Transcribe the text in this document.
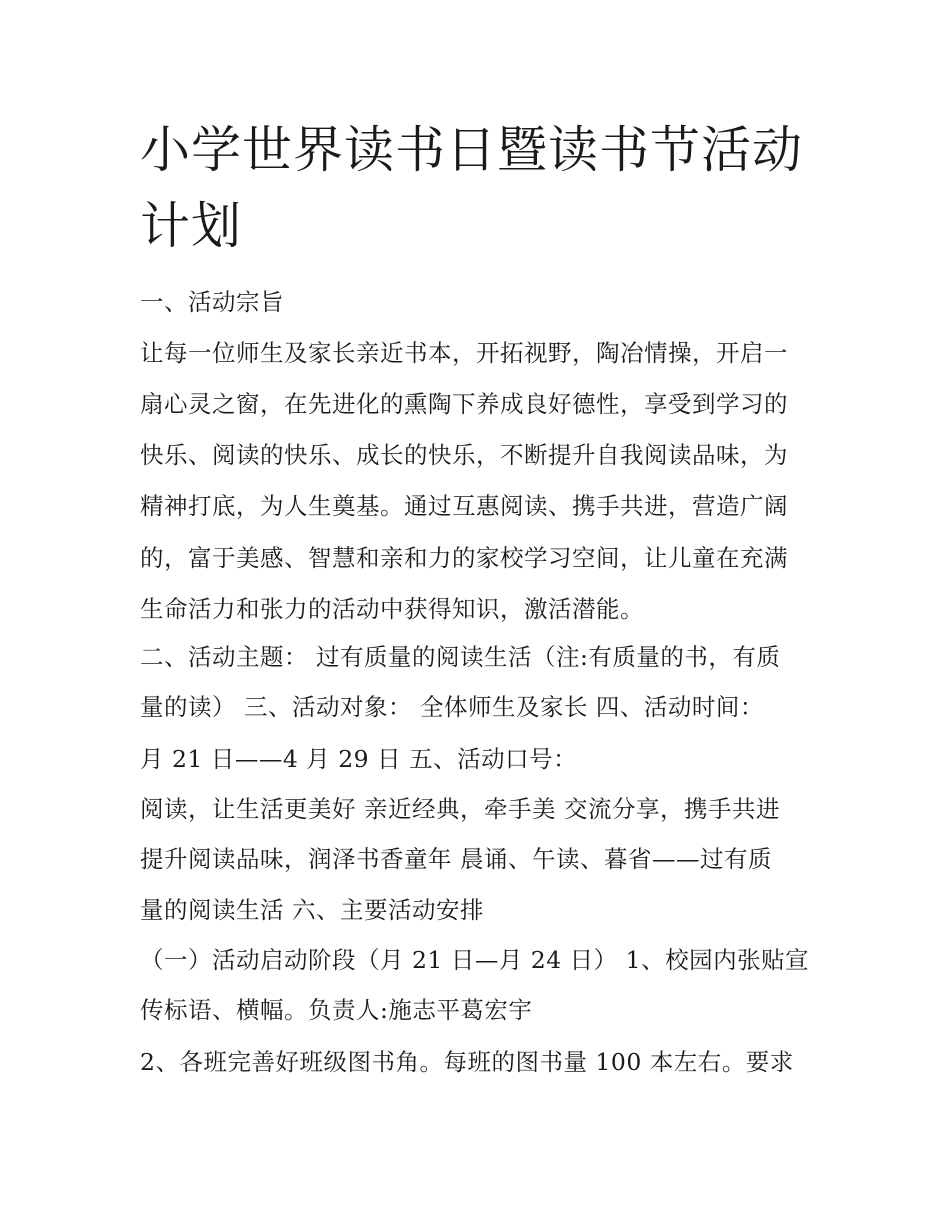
小学世界读书日暨读书节活动
计划
一、活动宗旨
让每一位师生及家长亲近书本，开拓视野，陶冶情操，开启一
扇心灵之窗，在先进化的熏陶下养成良好德性，享受到学习的
快乐、阅读的快乐、成长的快乐，不断提升自我阅读品味，为
精神打底，为人生奠基。通过互惠阅读、携手共进，营造广阔
的，富于美感、智慧和亲和力的家校学习空间，让儿童在充满
生命活力和张力的活动中获得知识，激活潜能。
二、活动主题： 过有质量的阅读生活（注:有质量的书，有质
量的读） 三、活动对象： 全体师生及家长 四、活动时间：
月 21 日——4 月 29 日 五、活动口号：
阅读，让生活更美好 亲近经典，牵手美 交流分享，携手共进
提升阅读品味，润泽书香童年 晨诵、午读、暮省——过有质
量的阅读生活 六、主要活动安排
（一）活动启动阶段（月 21 日—月 24 日） 1、校园内张贴宣
传标语、横幅。负责人:施志平葛宏宇
2、各班完善好班级图书角。每班的图书量 100 本左右。要求
